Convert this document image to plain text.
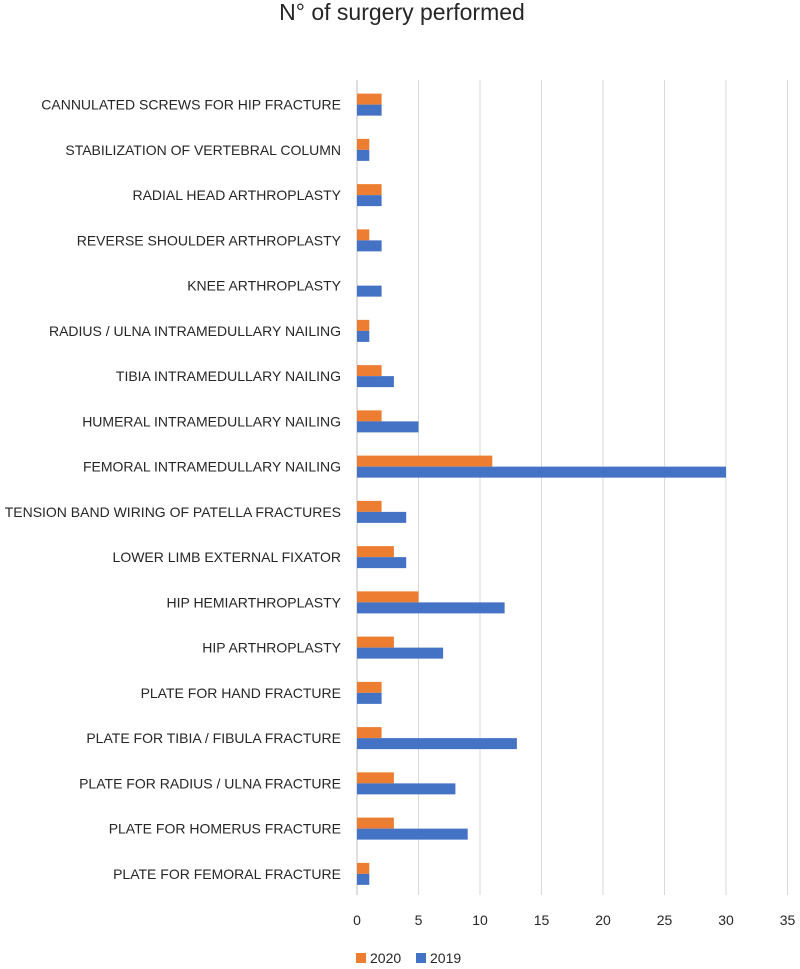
N° of surgery performed
CANNULATED SCREWS FOR HIP FRACTURE
STABILIZATION OF VERTEBRAL COLUMN
RADIAL HEAD ARTHROPLASTY
REVERSE SHOULDER ARTHROPLASTY
KNEE ARTHROPLASTY
RADIUS / ULNA INTRAMEDULLARY NAILING
TIBIA INTRAMEDULLARY NAILING
HUMERAL INTRAMEDULLARY NAILING
FEMORAL INTRAMEDULLARY NAILING
TENSION BAND WIRING OF PATELLA FRACTURES
LOWER LIMB EXTERNAL FIXATOR
HIP HEMIARTHROPLASTY
HIP ARTHROPLASTY
PLATE FOR HAND FRACTURE
PLATE FOR TIBIA / FIBULA FRACTURE
PLATE FOR RADIUS / ULNA FRACTURE
PLATE FOR HOMERUS FRACTURE
PLATE FOR FEMORAL FRACTURE
0	5	10	15	20	25	30	35
2020 2019
